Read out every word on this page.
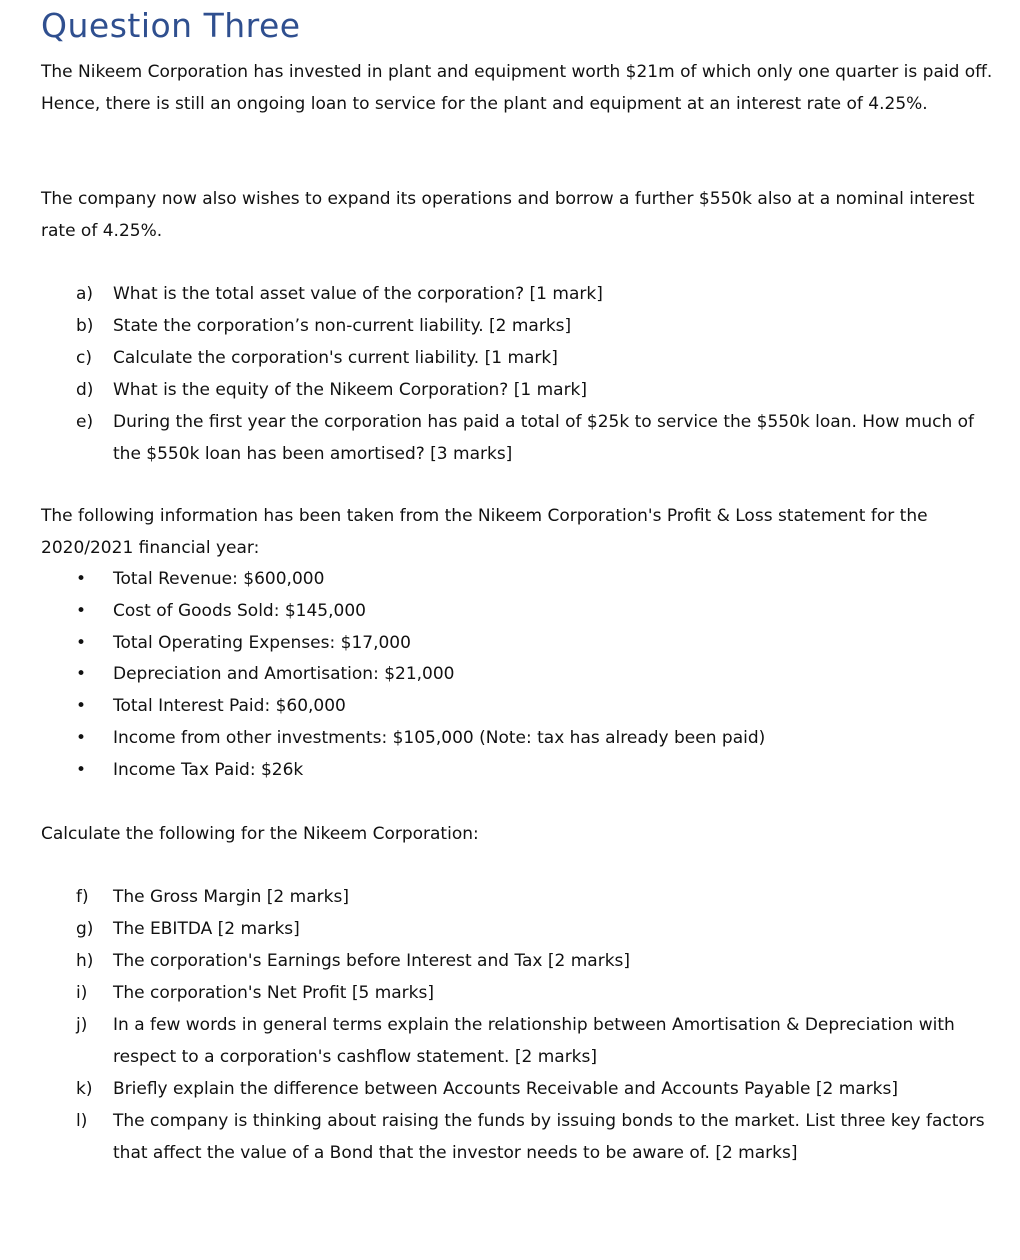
Question Three

The Nikeem Corporation has invested in plant and equipment worth $21m of which only one quarter is paid off. Hence, there is still an ongoing loan to service for the plant and equipment at an interest rate of 4.25%.

The company now also wishes to expand its operations and borrow a further $550k also at a nominal interest rate of 4.25%.

a) What is the total asset value of the corporation? [1 mark]
b) State the corporation’s non-current liability. [2 marks]
c) Calculate the corporation's current liability. [1 mark]
d) What is the equity of the Nikeem Corporation? [1 mark]
e) During the first year the corporation has paid a total of $25k to service the $550k loan. How much of the $550k loan has been amortised? [3 marks]

The following information has been taken from the Nikeem Corporation's Profit & Loss statement for the 2020/2021 financial year:

• Total Revenue: $600,000
• Cost of Goods Sold: $145,000
• Total Operating Expenses: $17,000
• Depreciation and Amortisation: $21,000
• Total Interest Paid: $60,000
• Income from other investments: $105,000 (Note: tax has already been paid)
• Income Tax Paid: $26k

Calculate the following for the Nikeem Corporation:

f) The Gross Margin [2 marks]
g) The EBITDA [2 marks]
h) The corporation's Earnings before Interest and Tax [2 marks]
i) The corporation's Net Profit [5 marks]
j) In a few words in general terms explain the relationship between Amortisation & Depreciation with respect to a corporation's cashflow statement. [2 marks]
k) Briefly explain the difference between Accounts Receivable and Accounts Payable [2 marks]
l) The company is thinking about raising the funds by issuing bonds to the market. List three key factors that affect the value of a Bond that the investor needs to be aware of. [2 marks]
